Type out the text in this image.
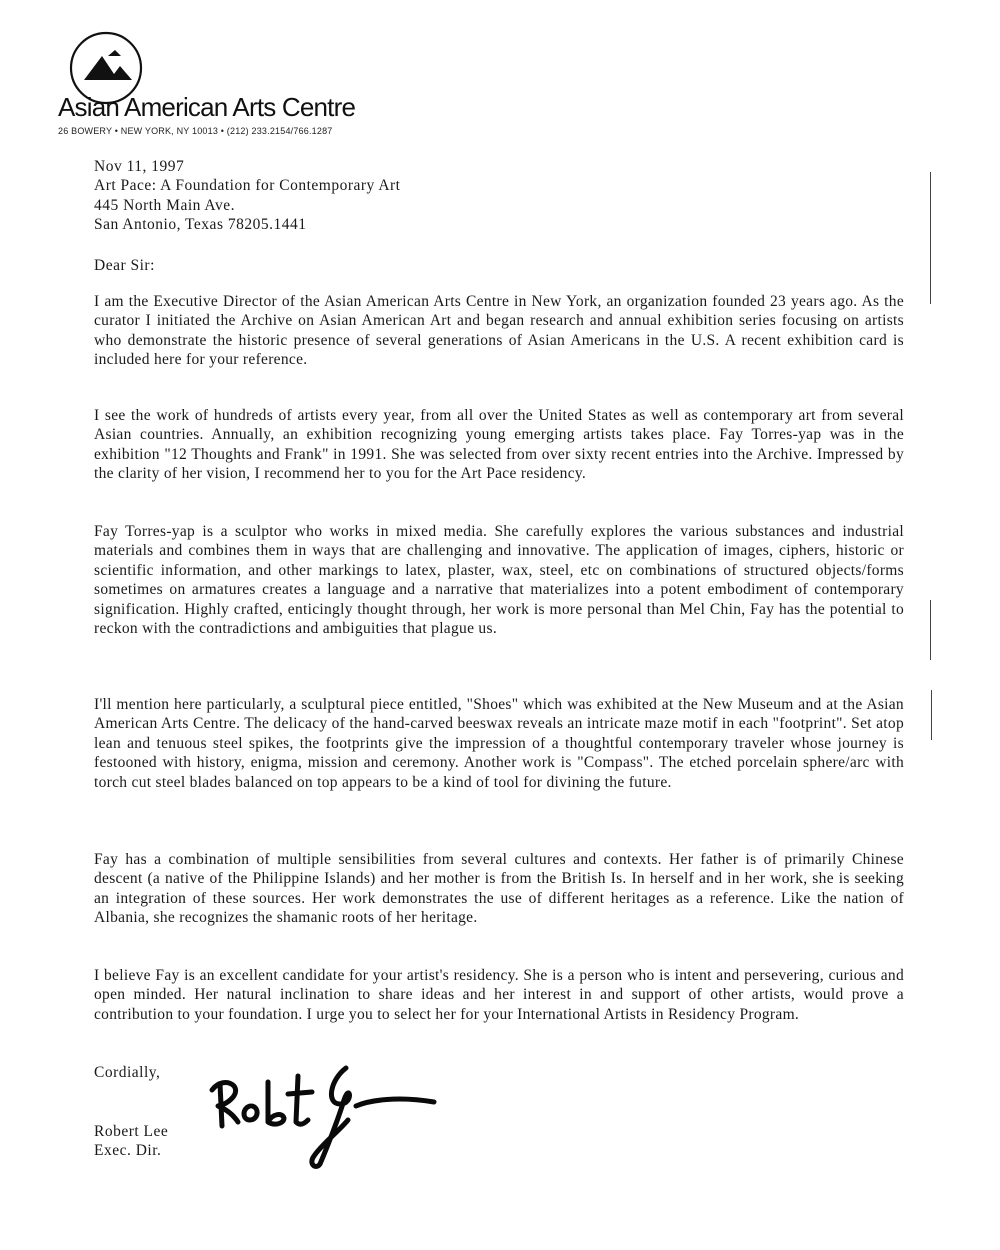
Asian American Arts Centre
26 BOWERY • NEW YORK, NY 10013 • (212) 233.2154/766.1287
Nov 11, 1997
Art Pace: A Foundation for Contemporary Art
445 North Main Ave.
San Antonio, Texas 78205.1441
Dear Sir:

I am the Executive Director of the Asian American Arts Centre in New York, an organization founded 23 years ago. As the curator I initiated the Archive on Asian American Art and began research and annual exhibition series focusing on artists who demonstrate the historic presence of several generations of Asian Americans in the U.S. A recent exhibition card is included here for your reference.

I see the work of hundreds of artists every year, from all over the United States as well as contemporary art from several Asian countries. Annually, an exhibition recognizing young emerging artists takes place. Fay Torres-yap was in the exhibition "12 Thoughts and Frank" in 1991. She was selected from over sixty recent entries into the Archive. Impressed by the clarity of her vision, I recommend her to you for the Art Pace residency.

Fay Torres-yap is a sculptor who works in mixed media. She carefully explores the various substances and industrial materials and combines them in ways that are challenging and innovative. The application of images, ciphers, historic or scientific information, and other markings to latex, plaster, wax, steel, etc on combinations of structured objects/forms sometimes on armatures creates a language and a narrative that materializes into a potent embodiment of contemporary signification. Highly crafted, enticingly thought through, her work is more personal than Mel Chin, Fay has the potential to reckon with the contradictions and ambiguities that plague us.

I'll mention here particularly, a sculptural piece entitled, "Shoes" which was exhibited at the New Museum and at the Asian American Arts Centre. The delicacy of the hand-carved beeswax reveals an intricate maze motif in each "footprint". Set atop lean and tenuous steel spikes, the footprints give the impression of a thoughtful contemporary traveler whose journey is festooned with history, enigma, mission and ceremony. Another work is "Compass". The etched porcelain sphere/arc with torch cut steel blades balanced on top appears to be a kind of tool for divining the future.

Fay has a combination of multiple sensibilities from several cultures and contexts. Her father is of primarily Chinese descent (a native of the Philippine Islands) and her mother is from the British Is. In herself and in her work, she is seeking an integration of these sources. Her work demonstrates the use of different heritages as a reference. Like the nation of Albania, she recognizes the shamanic roots of her heritage.

I believe Fay is an excellent candidate for your artist's residency. She is a person who is intent and persevering, curious and open minded. Her natural inclination to share ideas and her interest in and support of other artists, would prove a contribution to your foundation. I urge you to select her for your International Artists in Residency Program.

Cordially,
Robert Lee
Exec. Dir.
